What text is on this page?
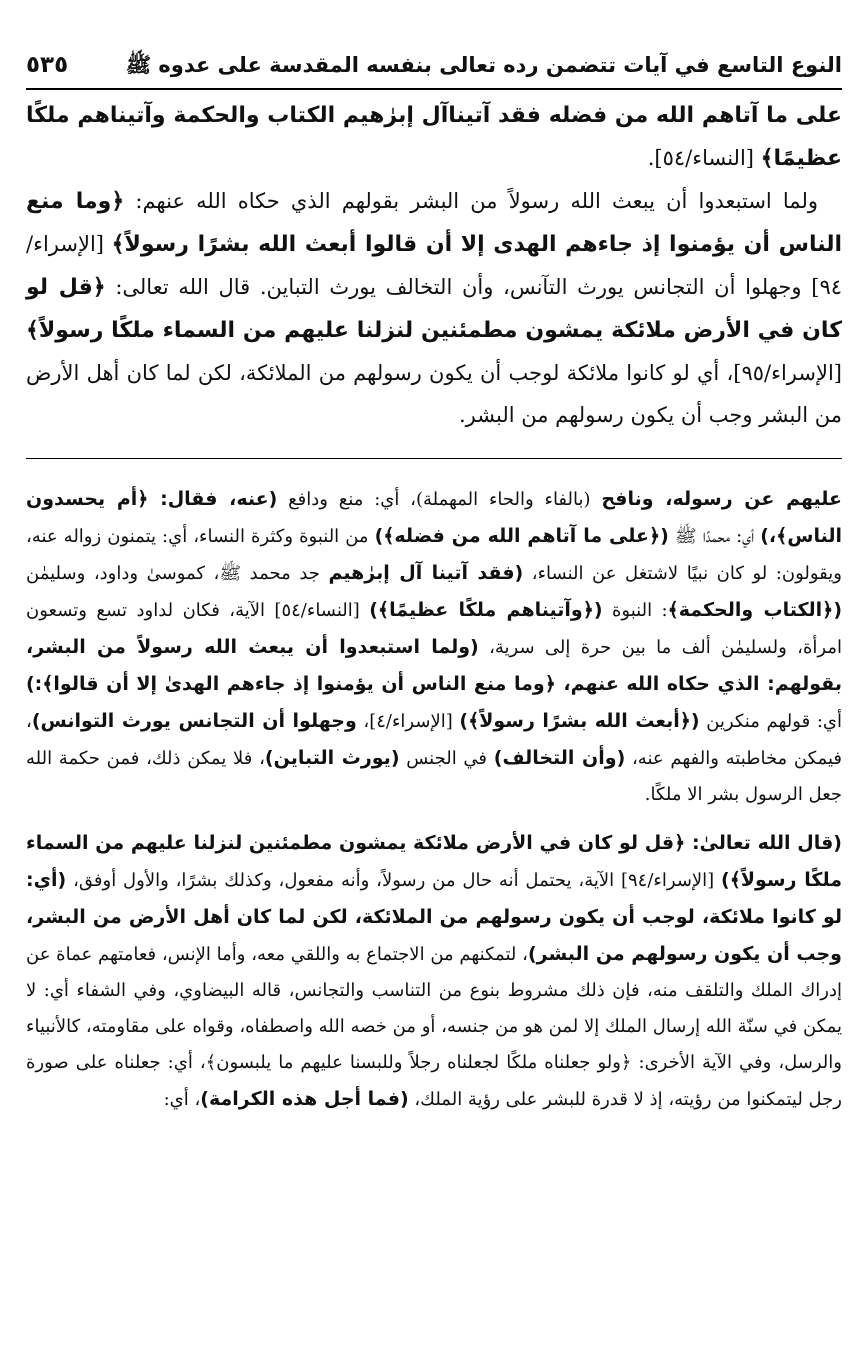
النوع التاسع في آيات تتضمن رده تعالى بنفسه المقدسة على عدوه ﷺ
٥٣٥

على ما آتاهم الله من فضله فقد آتيناآل إبرٰهيم الكتاب والحكمة وآتيناهم ملكًا عظيمًا﴾ [النساء/٥٤].

ولما استبعدوا أن يبعث الله رسولاً من البشر بقولهم الذي حكاه الله عنهم: ﴿وما منع الناس أن يؤمنوا إذ جاءهم الهدى إلا أن قالوا أبعث الله بشرًا رسولاً﴾ [الإسراء/٩٤] وجهلوا أن التجانس يورث التآنس، وأن التخالف يورث التباين. قال الله تعالى: ﴿قل لو كان في الأرض ملائكة يمشون مطمئنين لنزلنا عليهم من السماء ملكًا رسولاً﴾ [الإسراء/٩٥]، أي لو كانوا ملائكة لوجب أن يكون رسولهم من الملائكة، لكن لما كان أهل الأرض من البشر وجب أن يكون رسولهم من البشر.

عليهم عن رسوله، ونافح (بالفاء والحاء المهملة)، أي: منع ودافع (عنه، فقال: ﴿أم يحسدون الناس﴾،) أي: محمدًا ﷺ (﴿على ما آتاهم الله من فضله﴾) من النبوة وكثرة النساء، أي: يتمنون زواله عنه، ويقولون: لو كان نبيًا لاشتغل عن النساء، (فقد آتينا آل إبرٰهيم جد محمد ﷺ، كموسىٰ وداود، وسليمٰن (﴿الكتاب والحكمة﴾: النبوة (﴿وآتيناهم ملكًا عظيمًا﴾) [النساء/٥٤] الآية، فكان لداود تسع وتسعون امرأة، ولسليمٰن ألف ما بين حرة إلى سرية، (ولما استبعدوا أن يبعث الله رسولاً من البشر، بقولهم: الذي حكاه الله عنهم، ﴿وما منع الناس أن يؤمنوا إذ جاءهم الهدىٰ إلا أن قالوا﴾:) أي: قولهم منكرين (﴿أبعث الله بشرًا رسولاً﴾) [الإسراء/٤]، وجهلوا أن التجانس يورث التوانس)، فيمكن مخاطبته والفهم عنه، (وأن التخالف) في الجنس (يورث التباين)، فلا يمكن ذلك، فمن حكمة الله جعل الرسول بشر الا ملكًا.

(قال الله تعالىٰ: ﴿قل لو كان في الأرض ملائكة يمشون مطمئنين لنزلنا عليهم من السماء ملكًا رسولاً﴾) [الإسراء/٩٤] الآية، يحتمل أنه حال من رسولاً، وأنه مفعول، وكذلك بشرًا، والأول أوفق، (أي: لو كانوا ملائكة، لوجب أن يكون رسولهم من الملائكة، لكن لما كان أهل الأرض من البشر، وجب أن يكون رسولهم من البشر)، لتمكنهم من الاجتماع به واللقي معه، وأما الإنس، فعامتهم عماة عن إدراك الملك والتلقف منه، فإن ذلك مشروط بنوع من التناسب والتجانس، قاله البيضاوي، وفي الشفاء أي: لا يمكن في سنّة الله إرسال الملك إلا لمن هو من جنسه، أو من خصه الله واصطفاه، وقواه على مقاومته، كالأنبياء والرسل، وفي الآية الأخرى: ﴿ولو جعلناه ملكًا لجعلناه رجلاً وللبسنا عليهم ما يلبسون﴾، أي: جعلناه على صورة رجل ليتمكنوا من رؤيته، إذ لا قدرة للبشر على رؤية الملك، (فما أجل هذه الكرامة)، أي:
